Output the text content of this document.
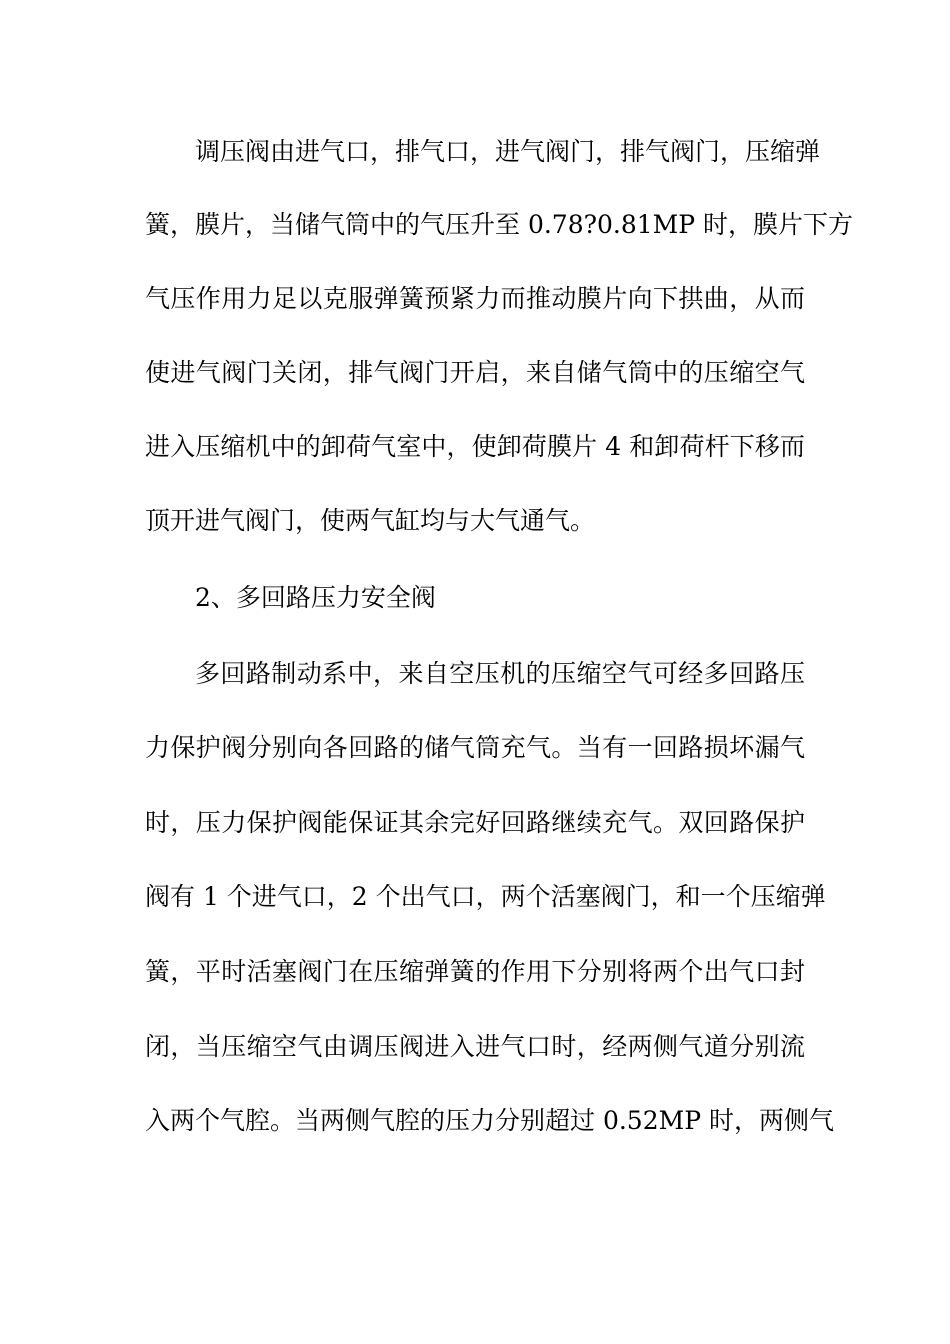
调压阀由进气口，排气口，进气阀门，排气阀门，压缩弹
簧，膜片，当储气筒中的气压升至 0.78?0.81MP 时，膜片下方
气压作用力足以克服弹簧预紧力而推动膜片向下拱曲，从而
使进气阀门关闭，排气阀门开启，来自储气筒中的压缩空气
进入压缩机中的卸荷气室中，使卸荷膜片 4 和卸荷杆下移而
顶开进气阀门，使两气缸均与大气通气。
2、多回路压力安全阀
多回路制动系中，来自空压机的压缩空气可经多回路压
力保护阀分别向各回路的储气筒充气。当有一回路损坏漏气
时，压力保护阀能保证其余完好回路继续充气。双回路保护
阀有 1 个进气口，2 个出气口，两个活塞阀门，和一个压缩弹
簧，平时活塞阀门在压缩弹簧的作用下分别将两个出气口封
闭，当压缩空气由调压阀进入进气口时，经两侧气道分别流
入两个气腔。当两侧气腔的压力分别超过 0.52MP 时，两侧气
